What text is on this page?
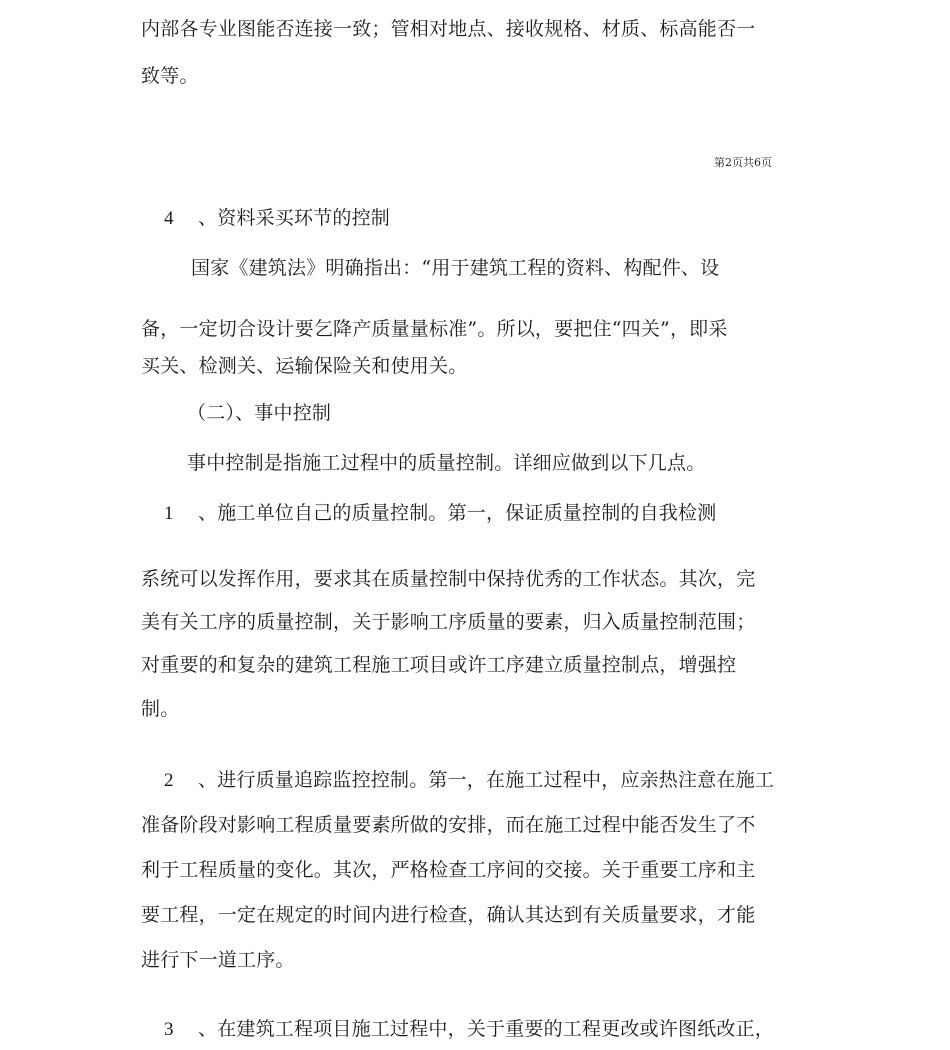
内部各专业图能否连接一致；管相对地点、接收规格、材质、标高能否一
致等。
第2页共6页
4 、资料采买环节的控制
国家《建筑法》明确指出：“用于建筑工程的资料、构配件、设
备，一定切合设计要乞降产质量量标准”。所以，要把住“四关”，即采
买关、检测关、运输保险关和使用关。
（二）、事中控制
事中控制是指施工过程中的质量控制。详细应做到以下几点。
1 、施工单位自己的质量控制。第一，保证质量控制的自我检测
系统可以发挥作用，要求其在质量控制中保持优秀的工作状态。其次，完
美有关工序的质量控制，关于影响工序质量的要素，归入质量控制范围；
对重要的和复杂的建筑工程施工项目或许工序建立质量控制点，增强控
制。
2 、进行质量追踪监控控制。第一，在施工过程中，应亲热注意在施工
准备阶段对影响工程质量要素所做的安排，而在施工过程中能否发生了不
利于工程质量的变化。其次，严格检查工序间的交接。关于重要工序和主
要工程，一定在规定的时间内进行检查，确认其达到有关质量要求，才能
进行下一道工序。
3 、在建筑工程项目施工过程中，关于重要的工程更改或许图纸改正，
